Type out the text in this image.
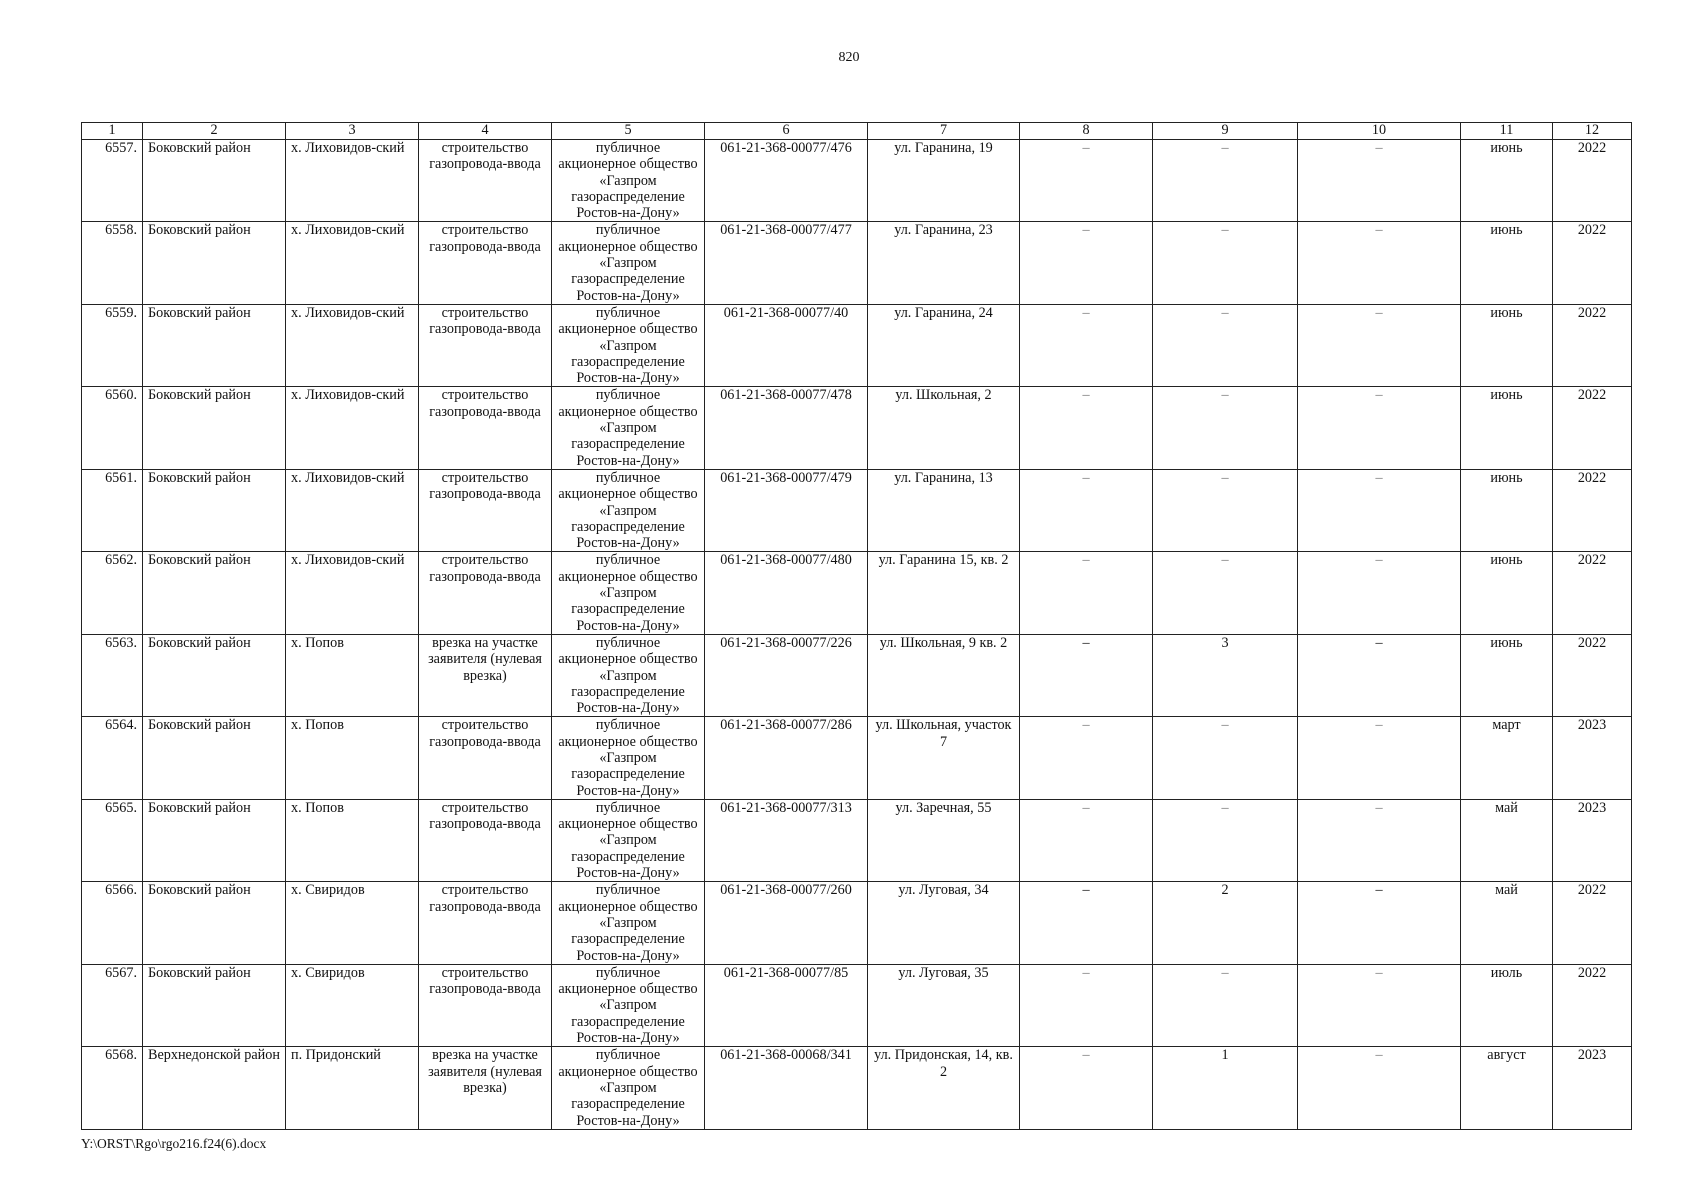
820
1	2	3	4	5	6	7	8	9	10	11	12
6557.	Боковский район	х. Лиховидов-ский	строительство газопровода-ввода	публичное акционерное общество «Газпром газораспределение Ростов-на-Дону»	061-21-368-00077/476	ул. Гаранина, 19	–	–	–	июнь	2022
6558.	Боковский район	х. Лиховидов-ский	строительство газопровода-ввода	публичное акционерное общество «Газпром газораспределение Ростов-на-Дону»	061-21-368-00077/477	ул. Гаранина, 23	–	–	–	июнь	2022
6559.	Боковский район	х. Лиховидов-ский	строительство газопровода-ввода	публичное акционерное общество «Газпром газораспределение Ростов-на-Дону»	061-21-368-00077/40	ул. Гаранина, 24	–	–	–	июнь	2022
6560.	Боковский район	х. Лиховидов-ский	строительство газопровода-ввода	публичное акционерное общество «Газпром газораспределение Ростов-на-Дону»	061-21-368-00077/478	ул. Школьная, 2	–	–	–	июнь	2022
6561.	Боковский район	х. Лиховидов-ский	строительство газопровода-ввода	публичное акционерное общество «Газпром газораспределение Ростов-на-Дону»	061-21-368-00077/479	ул. Гаранина, 13	–	–	–	июнь	2022
6562.	Боковский район	х. Лиховидов-ский	строительство газопровода-ввода	публичное акционерное общество «Газпром газораспределение Ростов-на-Дону»	061-21-368-00077/480	ул. Гаранина 15, кв. 2	–	–	–	июнь	2022
6563.	Боковский район	х. Попов	врезка на участке заявителя (нулевая врезка)	публичное акционерное общество «Газпром газораспределение Ростов-на-Дону»	061-21-368-00077/226	ул. Школьная, 9 кв. 2	–	3	–	июнь	2022
6564.	Боковский район	х. Попов	строительство газопровода-ввода	публичное акционерное общество «Газпром газораспределение Ростов-на-Дону»	061-21-368-00077/286	ул. Школьная, участок 7	–	–	–	март	2023
6565.	Боковский район	х. Попов	строительство газопровода-ввода	публичное акционерное общество «Газпром газораспределение Ростов-на-Дону»	061-21-368-00077/313	ул. Заречная, 55	–	–	–	май	2023
6566.	Боковский район	х. Свиридов	строительство газопровода-ввода	публичное акционерное общество «Газпром газораспределение Ростов-на-Дону»	061-21-368-00077/260	ул. Луговая, 34	–	2	–	май	2022
6567.	Боковский район	х. Свиридов	строительство газопровода-ввода	публичное акционерное общество «Газпром газораспределение Ростов-на-Дону»	061-21-368-00077/85	ул. Луговая, 35	–	–	–	июль	2022
6568.	Верхнедонской район	п. Придонский	врезка на участке заявителя (нулевая врезка)	публичное акционерное общество «Газпром газораспределение Ростов-на-Дону»	061-21-368-00068/341	ул. Придонская, 14, кв. 2	–	1	–	август	2023
Y:\ORST\Rgo\rgo216.f24(6).docx
